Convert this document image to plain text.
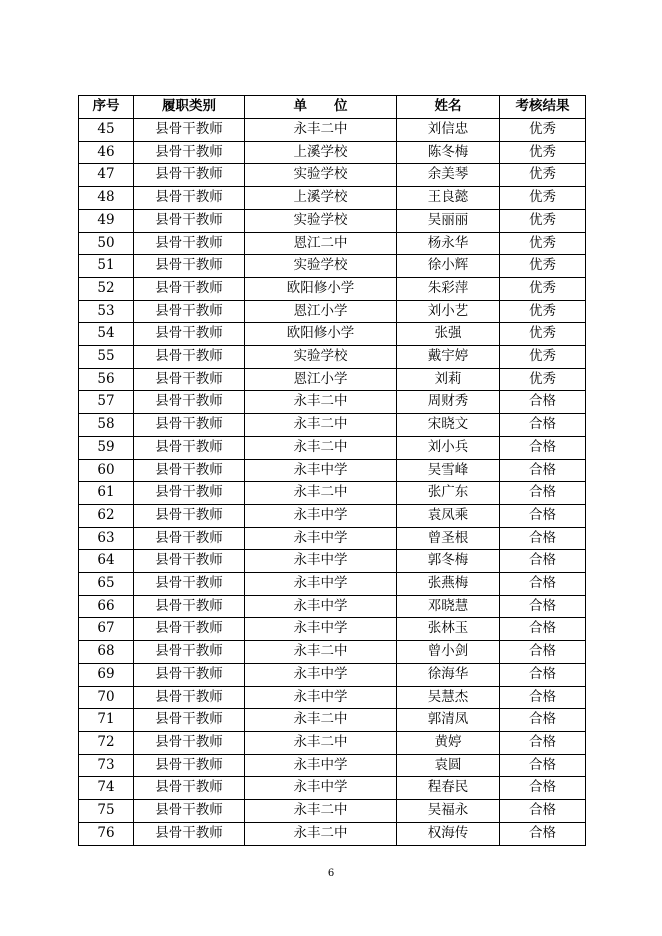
序号	履职类别	单　　位	姓名	考核结果
45	县骨干教师	永丰二中	刘信忠	优秀
46	县骨干教师	上溪学校	陈冬梅	优秀
47	县骨干教师	实验学校	余美琴	优秀
48	县骨干教师	上溪学校	王良懿	优秀
49	县骨干教师	实验学校	吴丽丽	优秀
50	县骨干教师	恩江二中	杨永华	优秀
51	县骨干教师	实验学校	徐小辉	优秀
52	县骨干教师	欧阳修小学	朱彩萍	优秀
53	县骨干教师	恩江小学	刘小艺	优秀
54	县骨干教师	欧阳修小学	张强	优秀
55	县骨干教师	实验学校	戴宇婷	优秀
56	县骨干教师	恩江小学	刘莉	优秀
57	县骨干教师	永丰二中	周财秀	合格
58	县骨干教师	永丰二中	宋晓文	合格
59	县骨干教师	永丰二中	刘小兵	合格
60	县骨干教师	永丰中学	吴雪峰	合格
61	县骨干教师	永丰二中	张广东	合格
62	县骨干教师	永丰中学	袁凤乘	合格
63	县骨干教师	永丰中学	曾圣根	合格
64	县骨干教师	永丰中学	郭冬梅	合格
65	县骨干教师	永丰中学	张燕梅	合格
66	县骨干教师	永丰中学	邓晓慧	合格
67	县骨干教师	永丰中学	张林玉	合格
68	县骨干教师	永丰二中	曾小剑	合格
69	县骨干教师	永丰中学	徐海华	合格
70	县骨干教师	永丰中学	吴慧杰	合格
71	县骨干教师	永丰二中	郭清凤	合格
72	县骨干教师	永丰二中	黄婷	合格
73	县骨干教师	永丰中学	袁圆	合格
74	县骨干教师	永丰中学	程春民	合格
75	县骨干教师	永丰二中	吴福永	合格
76	县骨干教师	永丰二中	权海传	合格
6
